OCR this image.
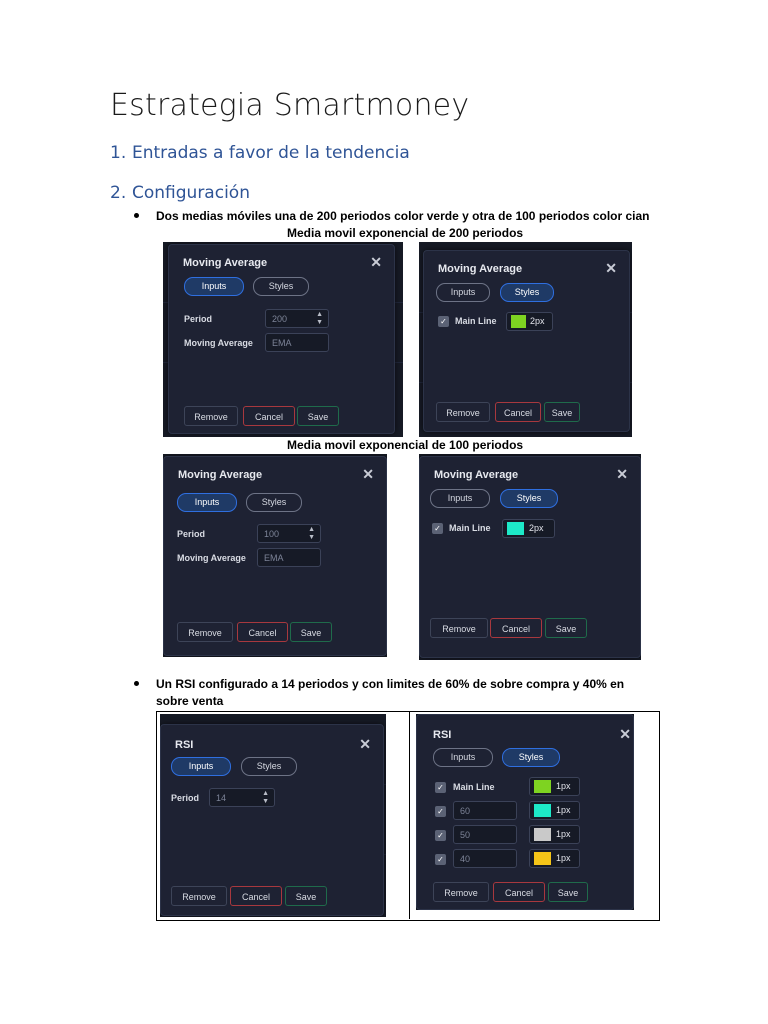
Estrategia Smartmoney
1. Entradas a favor de la tendencia
2. Configuración
Dos medias móviles una de 200 periodos color verde y otra de 100 periodos color cian
Media movil exponencial de 200 periodos
Moving Average	✕
Inputs	Styles
Period	200	▲
▼
Moving Average	EMA
Remove	Cancel	Save
Moving Average	✕
Inputs	Styles
✓ Main Line	2px
Remove	Cancel	Save
Media movil exponencial de 100 periodos
Moving Average	✕
Inputs	Styles
Period	100	▲
▼
Moving Average	EMA
Remove	Cancel	Save
Moving Average	✕
Inputs	Styles
✓ Main Line	2px
Remove	Cancel	Save
Un RSI configurado a 14 periodos y con limites de 60% de sobre compra y 40% en
sobre venta
RSI	✕
Inputs	Styles
Period	14	▲
▼
Remove	Cancel	Save
RSI	✕
Inputs	Styles
✓ Main Line	1px
✓	60	1px
✓	50	1px
✓	40	1px
Remove	Cancel	Save
